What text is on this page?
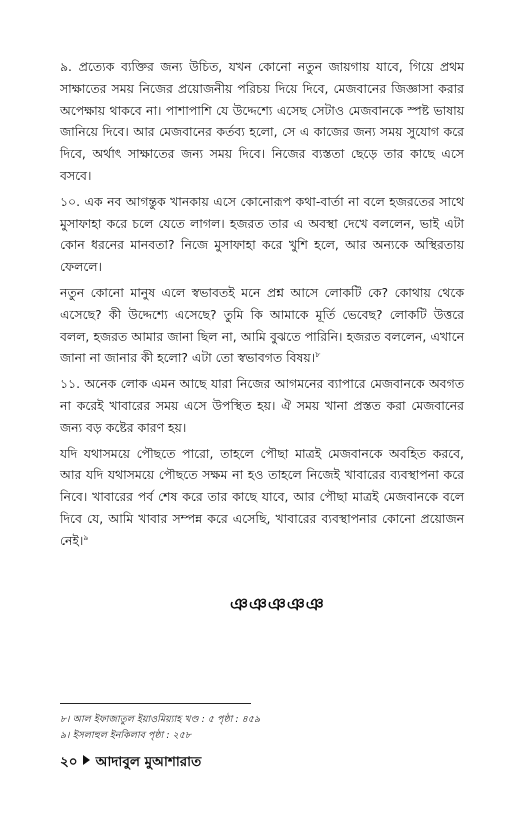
৯. প্রত্যেক ব্যক্তির জন্য উচিত, যখন কোনো নতুন জায়গায় যাবে, গিয়ে প্রথম সাক্ষাতের সময় নিজের প্রয়োজনীয় পরিচয় দিয়ে দিবে, মেজবানের জিজ্ঞাসা করার অপেক্ষায় থাকবে না। পাশাপাশি যে উদ্দেশ্যে এসেছ সেটাও মেজবানকে স্পষ্ট ভাষায় জানিয়ে দিবে। আর মেজবানের কর্তব্য হলো, সে এ কাজের জন্য সময় সুযোগ করে দিবে, অর্থাৎ সাক্ষাতের জন্য সময় দিবে। নিজের ব্যস্ততা ছেড়ে তার কাছে এসে বসবে।

১০. এক নব আগন্তুক খানকায় এসে কোনোরূপ কথা-বার্তা না বলে হজরতের সাথে মুসাফাহা করে চলে যেতে লাগল। হজরত তার এ অবস্থা দেখে বললেন, ভাই এটা কোন ধরনের মানবতা? নিজে মুসাফাহা করে খুশি হলে, আর অন্যকে অস্থিরতায় ফেললে।

নতুন কোনো মানুষ এলে স্বভাবতই মনে প্রশ্ন আসে লোকটি কে? কোথায় থেকে এসেছে? কী উদ্দেশ্যে এসেছে? তুমি কি আমাকে মূর্তি ভেবেছ? লোকটি উত্তরে বলল, হজরত আমার জানা ছিল না, আমি বুঝতে পারিনি। হজরত বললেন, এখানে জানা না জানার কী হলো? এটা তো স্বভাবগত বিষয়।$^৮$

১১. অনেক লোক এমন আছে যারা নিজের আগমনের ব্যাপারে মেজবানকে অবগত না করেই খাবারের সময় এসে উপস্থিত হয়। ঐ সময় খানা প্রস্তত করা মেজবানের জন্য বড় কষ্টের কারণ হয়।

যদি যথাসময়ে পৌছতে পারো, তাহলে পৌছা মাত্রই মেজবানকে অবহিত করবে, আর যদি যথাসময়ে পৌছতে সক্ষম না হও তাহলে নিজেই খাবারের ব্যবস্থাপনা করে নিবে। খাবারের পর্ব শেষ করে তার কাছে যাবে, আর পৌছা মাত্রই মেজবানকে বলে দিবে যে, আমি খাবার সম্পন্ন করে এসেছি, খাবারের ব্যবস্থাপনার কোনো প্রয়োজন নেই।$^৯$

ঞঞঞঞঞ
৮। আল ইফাজাতুল ইয়াওমিয়্যাহ খণ্ড : ৫ পৃষ্ঠা : ৪৫৯
৯। ইসলাহুল ইনকিলাব পৃষ্ঠা : ২৫৮
২০ আদাবুল মুআশারাত
